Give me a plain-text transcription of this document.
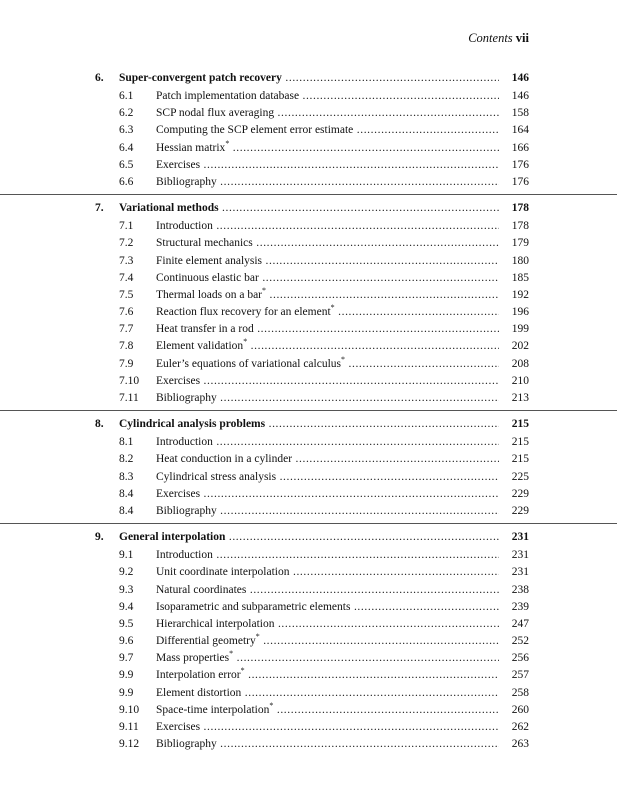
Contents vii
6. Super-convergent patch recovery .....	146
6.1 Patch implementation database .....	146
6.2 SCP nodal flux averaging .....	158
6.3 Computing the SCP element error estimate .....	164
6.4 Hessian matrix* .....	166
6.5 Exercises .....	176
6.6 Bibliography .....	176
7. Variational methods .....	178
7.1 Introduction .....	178
7.2 Structural mechanics .....	179
7.3 Finite element analysis .....	180
7.4 Continuous elastic bar .....	185
7.5 Thermal loads on a bar* .....	192
7.6 Reaction flux recovery for an element* .....	196
7.7 Heat transfer in a rod .....	199
7.8 Element validation* .....	202
7.9 Euler’s equations of variational calculus* .....	208
7.10 Exercises .....	210
7.11 Bibliography .....	213
8. Cylindrical analysis problems .....	215
8.1 Introduction .....	215
8.2 Heat conduction in a cylinder .....	215
8.3 Cylindrical stress analysis .....	225
8.4 Exercises .....	229
8.4 Bibliography .....	229
9. General interpolation .....	231
9.1 Introduction .....	231
9.2 Unit coordinate interpolation .....	231
9.3 Natural coordinates .....	238
9.4 Isoparametric and subparametric elements .....	239
9.5 Hierarchical interpolation .....	247
9.6 Differential geometry* .....	252
9.7 Mass properties* .....	256
9.9 Interpolation error* .....	257
9.9 Element distortion .....	258
9.10 Space-time interpolation* .....	260
9.11 Exercises .....	262
9.12 Bibliography .....	263
